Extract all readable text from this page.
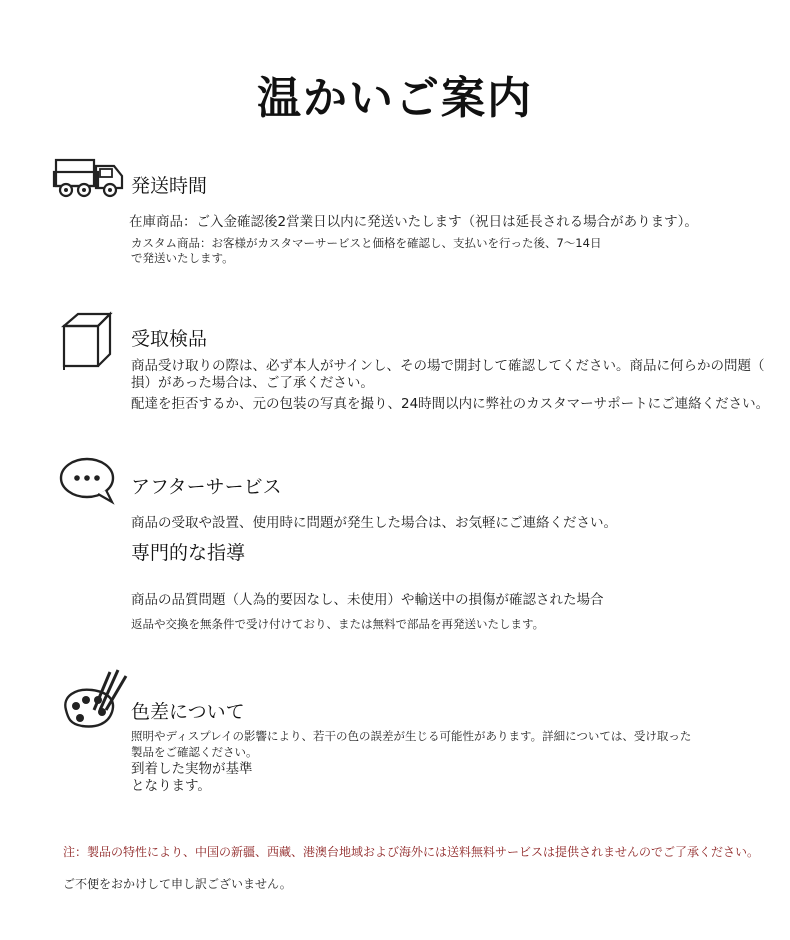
温かいご案内
発送時間
在庫商品：ご入金確認後2営業日以内に発送いたします（祝日は延長される場合があります）。
カスタム商品：お客様がカスタマーサービスと価格を確認し、支払いを行った後、7〜14日
で発送いたします。
受取検品
商品受け取りの際は、必ず本人がサインし、その場で開封して確認してください。商品に何らかの問題（
損）があった場合は、ご了承ください。
配達を拒否するか、元の包装の写真を撮り、24時間以内に弊社のカスタマーサポートにご連絡ください。
アフターサービス
商品の受取や設置、使用時に問題が発生した場合は、お気軽にご連絡ください。
専門的な指導
商品の品質問題（人為的要因なし、未使用）や輸送中の損傷が確認された場合
返品や交換を無条件で受け付けており、または無料で部品を再発送いたします。
色差について
照明やディスプレイの影響により、若干の色の誤差が生じる可能性があります。詳細については、受け取った
製品をご確認ください。
到着した実物が基準
となります。
注：製品の特性により、中国の新疆、西藏、港澳台地域および海外には送料無料サービスは提供されませんのでご了承ください。
ご不便をおかけして申し訳ございません。
